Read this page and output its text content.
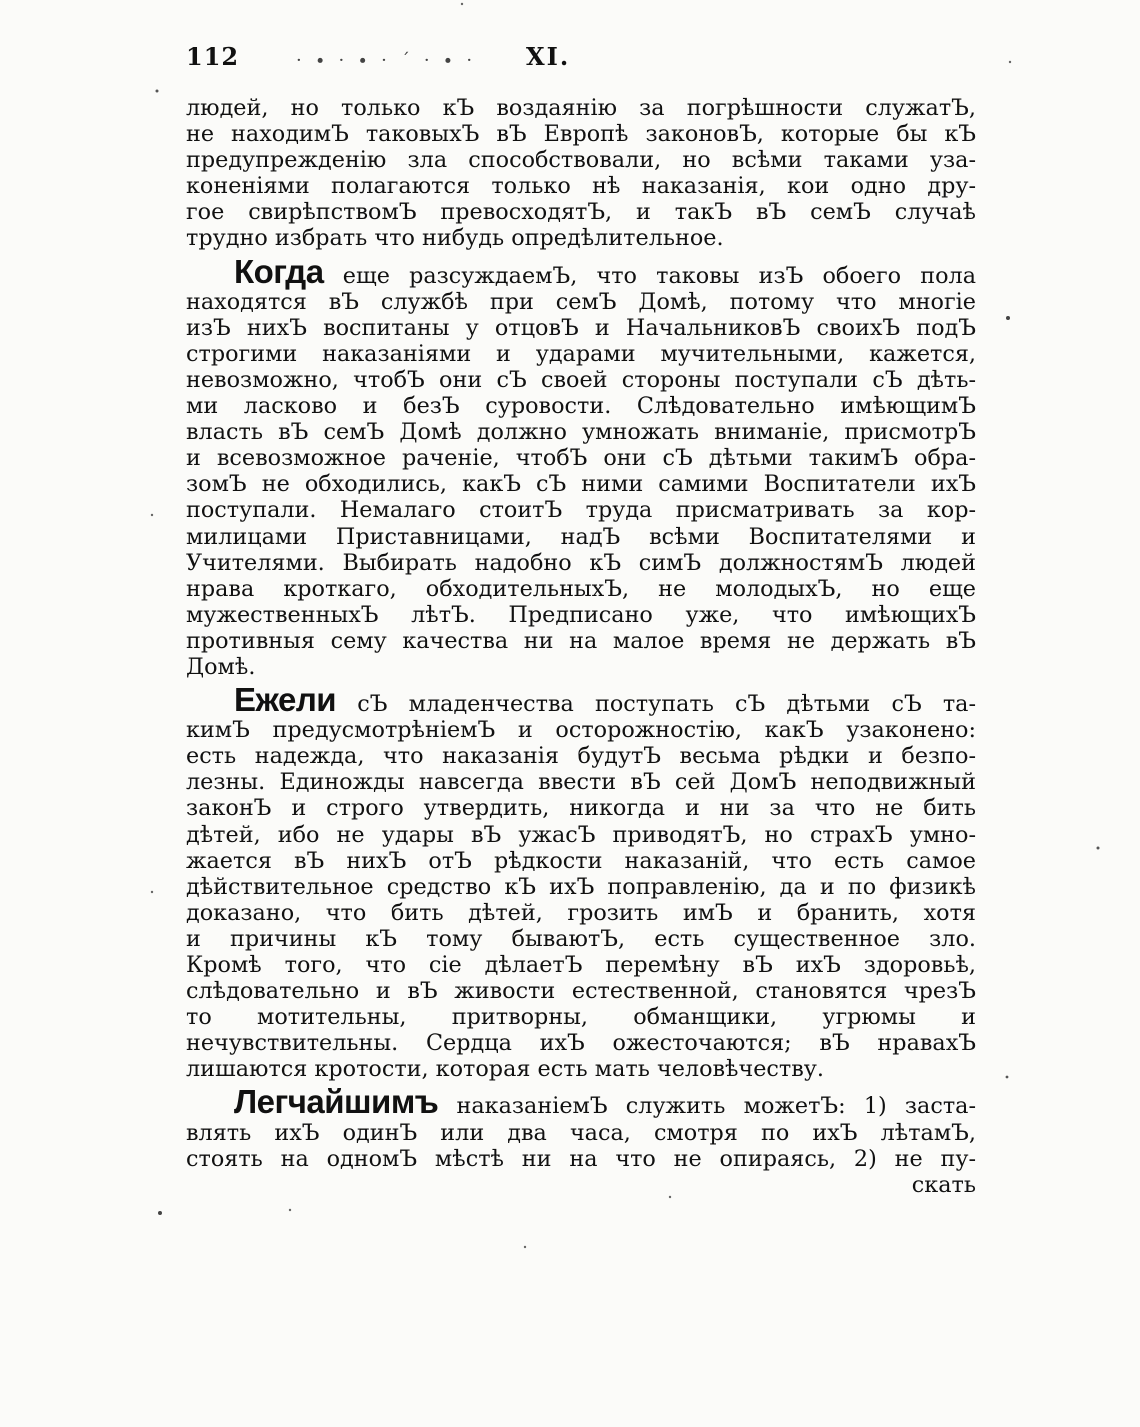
112	·∙·∙·´·∙· XI.
людей, но только кЪ воздаянію за погрѣшности служатЪ,
не находимЪ таковыхЪ вЪ Европѣ законовЪ, которые бы кЪ
предупрежденію зла способствовали, но всѣми таками уза-
коненіями полагаются только нѣ наказанія, кои одно дру-
гое свирѣпствомЪ превосходятЪ, и такЪ вЪ семЪ случаѣ
трудно избрать что нибудь опредѣлительное.
Когда еще разсуждаемЪ, что таковы изЪ обоего пола
находятся вЪ службѣ при семЪ Домѣ, потому что многіе
изЪ нихЪ воспитаны у отцовЪ и НачальниковЪ своихЪ подЪ
строгими наказаніями и ударами мучительными, кажется,
невозможно, чтобЪ они сЪ своей стороны поступали сЪ дѣть-
ми ласково и безЪ суровости. Слѣдовательно имѣющимЪ
власть вЪ семЪ Домѣ должно умножать вниманіе, присмотрЪ
и всевозможное раченіе, чтобЪ они сЪ дѣтьми такимЪ обра-
зомЪ не обходились, какЪ сЪ ними самими Воспитатели ихЪ
поступали. Немалаго стоитЪ труда присматривать за кор-
милицами Приставницами, надЪ всѣми Воспитателями и
Учителями. Выбирать надобно кЪ симЪ должностямЪ людей
нрава кроткаго, обходительныхЪ, не молодыхЪ, но еще
мужественныхЪ лѣтЪ. Предписано уже, что имѣющихЪ
противныя сему качества ни на малое время не держать вЪ
Домѣ.
Ежели сЪ младенчества поступать сЪ дѣтьми сЪ та-
кимЪ предусмотрѣніемЪ и осторожностію, какЪ узаконено:
есть надежда, что наказанія будутЪ весьма рѣдки и безпо-
лезны. Единожды навсегда ввести вЪ сей ДомЪ неподвижный
законЪ и строго утвердить, никогда и ни за что не бить
дѣтей, ибо не удары вЪ ужасЪ приводятЪ, но страхЪ умно-
жается вЪ нихЪ отЪ рѣдкости наказаній, что есть самое
дѣйствительное средство кЪ ихЪ поправленію, да и по физикѣ
доказано, что бить дѣтей, грозить имЪ и бранить, хотя
и причины кЪ тому бываютЪ, есть существенное зло.
Кромѣ того, что сіе дѣлаетЪ перемѣну вЪ ихЪ здоровьѣ,
слѣдовательно и вЪ живости естественной, становятся чрезЪ
то мотительны, притворны, обманщики, угрюмы и
нечувствительны. Сердца ихЪ ожесточаются; вЪ нравахЪ
лишаются кротости, которая есть мать человѣчеству.
Легчайшимъ наказаніемЪ служить можетЪ: 1) заста-
влять ихЪ одинЪ или два часа, смотря по ихЪ лѣтамЪ,
стоять на одномЪ мѣстѣ ни на что не опираясь, 2) не пу-
скать
